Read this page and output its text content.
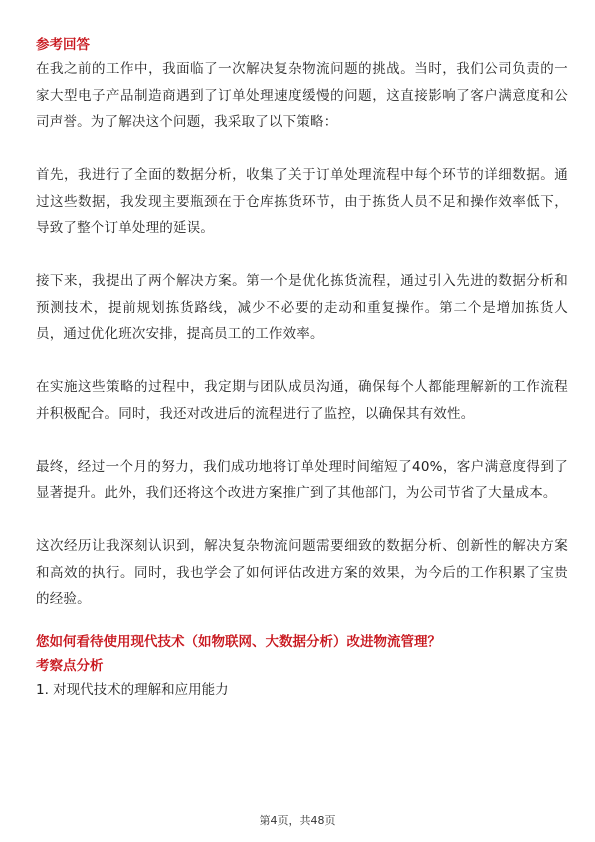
参考回答

在我之前的工作中，我面临了一次解决复杂物流问题的挑战。当时，我们公司负责的一家大型电子产品制造商遇到了订单处理速度缓慢的问题，这直接影响了客户满意度和公司声誉。为了解决这个问题，我采取了以下策略：

首先，我进行了全面的数据分析，收集了关于订单处理流程中每个环节的详细数据。通过这些数据，我发现主要瓶颈在于仓库拣货环节，由于拣货人员不足和操作效率低下，导致了整个订单处理的延误。

接下来，我提出了两个解决方案。第一个是优化拣货流程，通过引入先进的数据分析和预测技术，提前规划拣货路线，减少不必要的走动和重复操作。第二个是增加拣货人员，通过优化班次安排，提高员工的工作效率。

在实施这些策略的过程中，我定期与团队成员沟通，确保每个人都能理解新的工作流程并积极配合。同时，我还对改进后的流程进行了监控，以确保其有效性。

最终，经过一个月的努力，我们成功地将订单处理时间缩短了40%，客户满意度得到了显著提升。此外，我们还将这个改进方案推广到了其他部门，为公司节省了大量成本。

这次经历让我深刻认识到，解决复杂物流问题需要细致的数据分析、创新性的解决方案和高效的执行。同时，我也学会了如何评估改进方案的效果，为今后的工作积累了宝贵的经验。

您如何看待使用现代技术（如物联网、大数据分析）改进物流管理？
考察点分析
1. 对现代技术的理解和应用能力
第4页，共48页
